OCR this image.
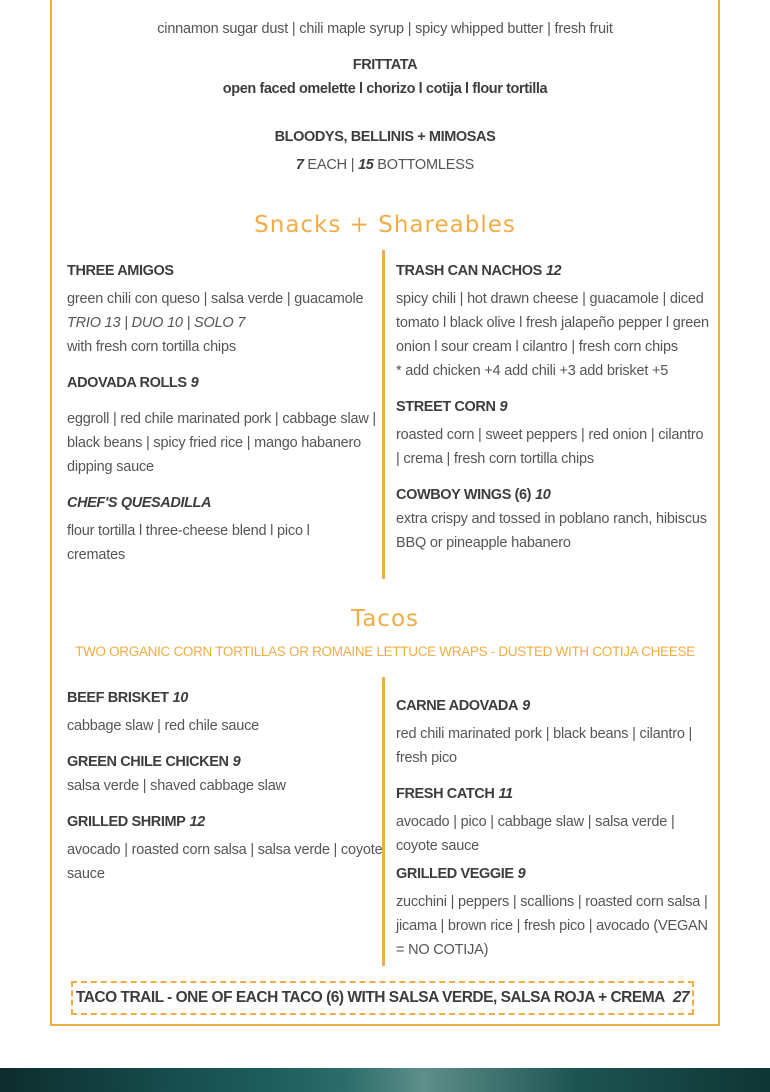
cinnamon sugar dust | chili maple syrup | spicy whipped butter | fresh fruit
FRITTATA
open faced omelette l chorizo l cotija l flour tortilla
BLOODYS, BELLINIS + MIMOSAS
7 EACH | 15 BOTTOMLESS
Snacks + Shareables
THREE AMIGOS
green chili con queso | salsa verde | guacamole
TRIO 13 | DUO 10 | SOLO 7
with fresh corn tortilla chips
ADOVADA ROLLS 9
eggroll | red chile marinated pork | cabbage slaw |
black beans | spicy fried rice | mango habanero
dipping sauce
CHEF'S QUESADILLA
flour tortilla l three-cheese blend l pico l
cremates
TRASH CAN NACHOS 12
spicy chili | hot drawn cheese | guacamole | diced
tomato l black olive l fresh jalapeño pepper l green
onion l sour cream l cilantro | fresh corn chips
* add chicken +4 add chili +3 add brisket +5
STREET CORN 9
roasted corn | sweet peppers | red onion | cilantro
| crema | fresh corn tortilla chips
COWBOY WINGS (6) 10
extra crispy and tossed in poblano ranch, hibiscus
BBQ or pineapple habanero
Tacos
TWO ORGANIC CORN TORTILLAS OR ROMAINE LETTUCE WRAPS - DUSTED WITH COTIJA CHEESE
BEEF BRISKET 10
cabbage slaw | red chile sauce
GREEN CHILE CHICKEN 9
salsa verde | shaved cabbage slaw
GRILLED SHRIMP 12
avocado | roasted corn salsa | salsa verde | coyote
sauce
CARNE ADOVADA 9
red chili marinated pork | black beans | cilantro |
fresh pico
FRESH CATCH 11
avocado | pico | cabbage slaw | salsa verde |
coyote sauce
GRILLED VEGGIE 9
zucchini | peppers | scallions | roasted corn salsa |
jicama | brown rice | fresh pico | avocado (VEGAN
= NO COTIJA)
TACO TRAIL - ONE OF EACH TACO (6) WITH SALSA VERDE, SALSA ROJA + CREMA 27
